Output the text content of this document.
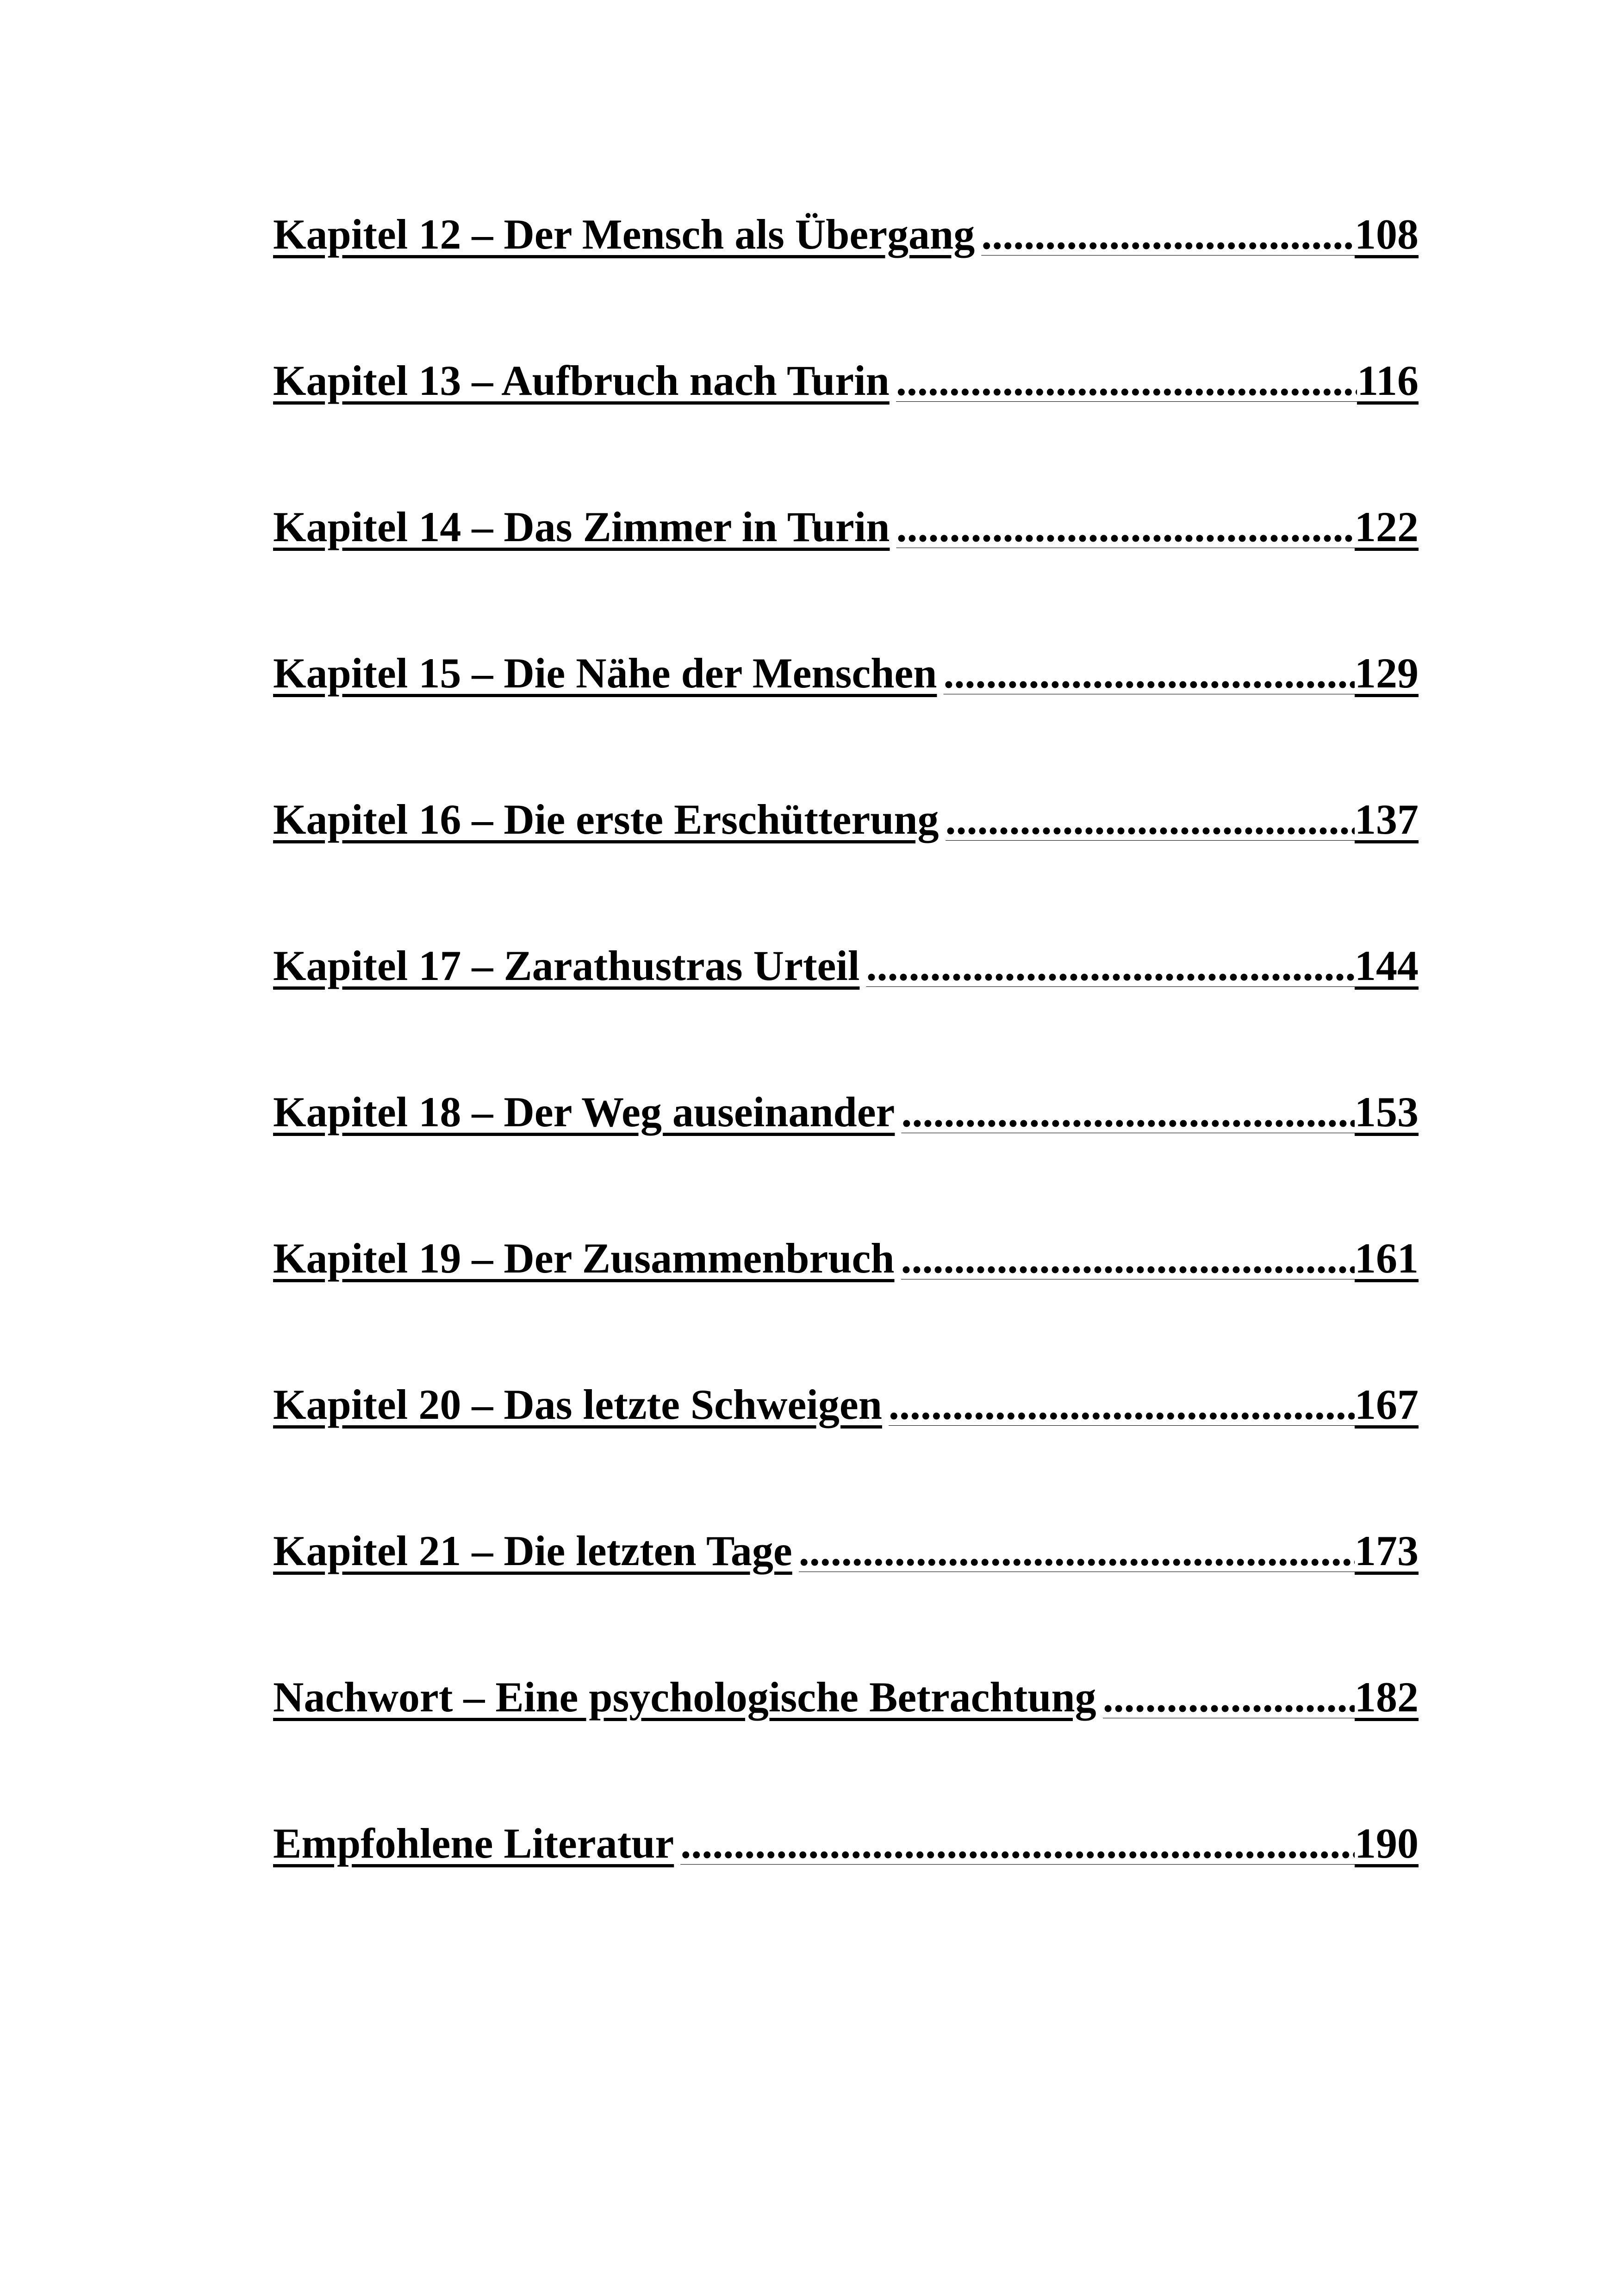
Kapitel 12 – Der Mensch als Übergang .....	108
Kapitel 13 – Aufbruch nach Turin .....	116
Kapitel 14 – Das Zimmer in Turin .....	122
Kapitel 15 – Die Nähe der Menschen .....	129
Kapitel 16 – Die erste Erschütterung .....	137
Kapitel 17 – Zarathustras Urteil .....	144
Kapitel 18 – Der Weg auseinander .....	153
Kapitel 19 – Der Zusammenbruch .....	161
Kapitel 20 – Das letzte Schweigen .....	167
Kapitel 21 – Die letzten Tage .....	173
Nachwort – Eine psychologische Betrachtung .....	182
Empfohlene Literatur .....	190
